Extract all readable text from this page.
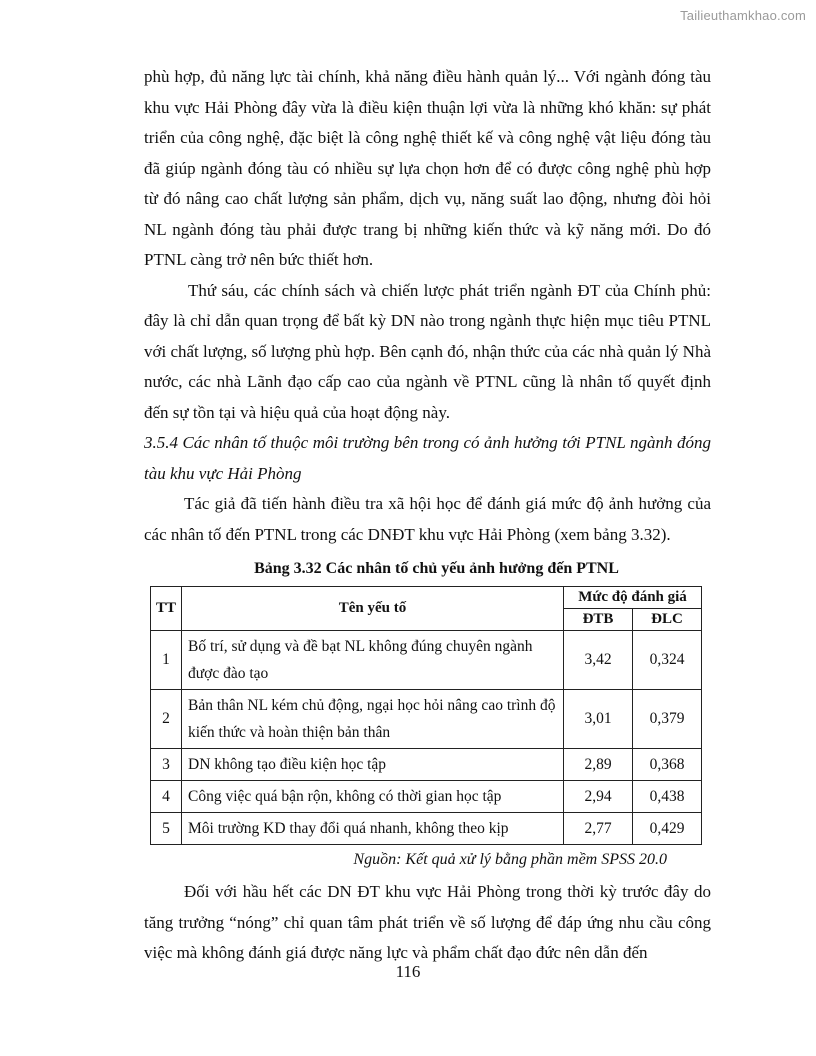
Tailieuthamkhao.com

phù hợp, đủ năng lực tài chính, khả năng điều hành quản lý... Với ngành đóng tàu khu vực Hải Phòng đây vừa là điều kiện thuận lợi vừa là những khó khăn: sự phát triển của công nghệ, đặc biệt là công nghệ thiết kế và công nghệ vật liệu đóng tàu đã giúp ngành đóng tàu có nhiều sự lựa chọn hơn để có được công nghệ phù hợp từ đó nâng cao chất lượng sản phẩm, dịch vụ, năng suất lao động, nhưng đòi hỏi NL ngành đóng tàu phải được trang bị những kiến thức và kỹ năng mới. Do đó PTNL càng trở nên bức thiết hơn.

Thứ sáu, các chính sách và chiến lược phát triển ngành ĐT của Chính phủ: đây là chỉ dẫn quan trọng để bất kỳ DN nào trong ngành thực hiện mục tiêu PTNL với chất lượng, số lượng phù hợp. Bên cạnh đó, nhận thức của các nhà quản lý Nhà nước, các nhà Lãnh đạo cấp cao của ngành về PTNL cũng là nhân tố quyết định đến sự tồn tại và hiệu quả của hoạt động này.

3.5.4 Các nhân tố thuộc môi trường bên trong có ảnh hưởng tới PTNL ngành đóng tàu khu vực Hải Phòng

Tác giả đã tiến hành điều tra xã hội học để đánh giá mức độ ảnh hưởng của các nhân tố đến PTNL trong các DNĐT khu vực Hải Phòng (xem bảng 3.32).

Bảng 3.32 Các nhân tố chủ yếu ảnh hưởng đến PTNL
TT	Tên yếu tố	Mức độ đánh giá	
		ĐTB	ĐLC
1	Bố trí, sử dụng và đề bạt NL không đúng chuyên ngành được đào tạo	3,42	0,324
2	Bản thân NL kém chủ động, ngại học hỏi nâng cao trình độ kiến thức và hoàn thiện bản thân	3,01	0,379
3	DN không tạo điều kiện học tập	2,89	0,368
4	Công việc quá bận rộn, không có thời gian học tập	2,94	0,438
5	Môi trường KD thay đổi quá nhanh, không theo kịp	2,77	0,429
Nguồn: Kết quả xử lý bằng phần mềm SPSS 20.0

Đối với hầu hết các DN ĐT khu vực Hải Phòng trong thời kỳ trước đây do tăng trưởng “nóng” chỉ quan tâm phát triển về số lượng để đáp ứng nhu cầu công việc mà không đánh giá được năng lực và phẩm chất đạo đức nên dẫn đến

116
